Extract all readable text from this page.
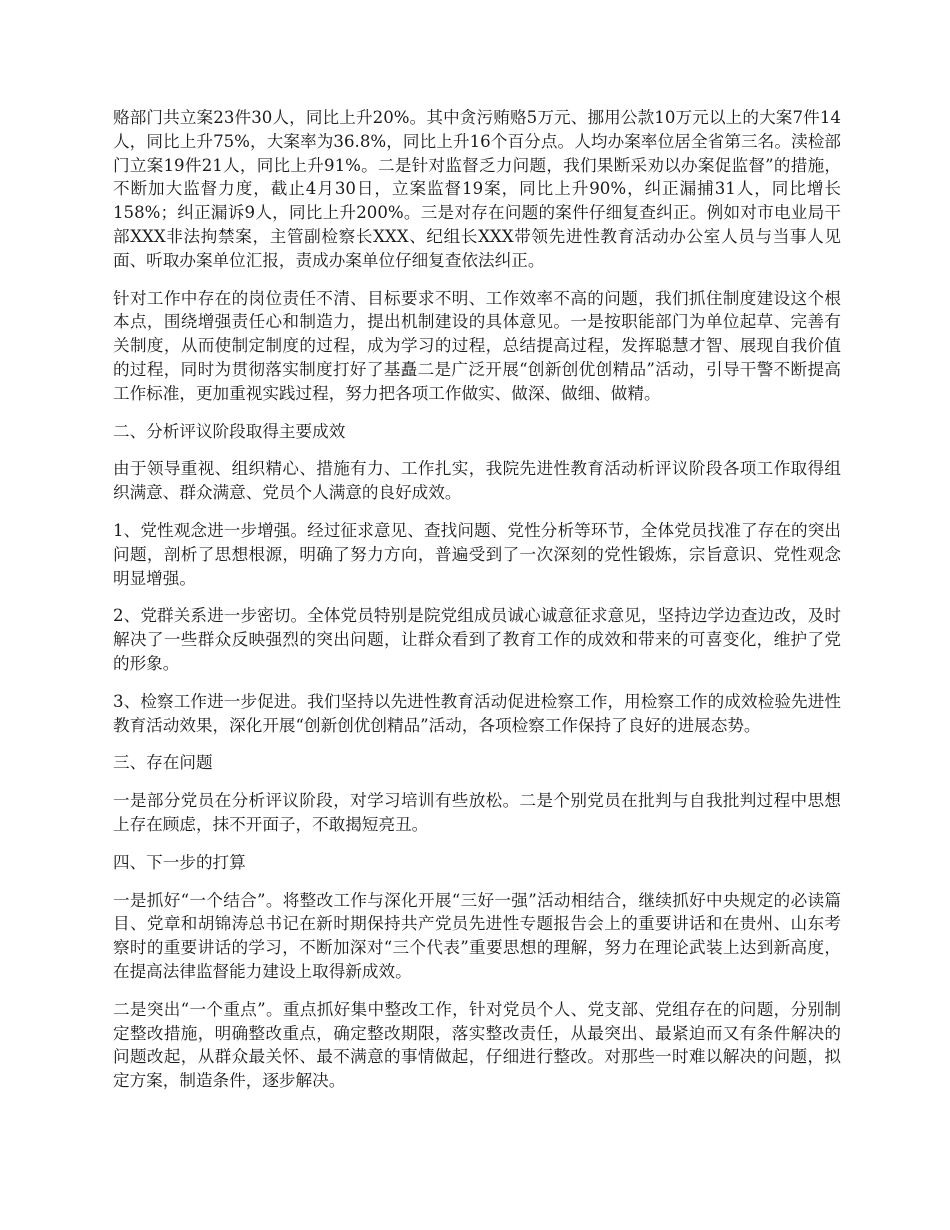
赂部门共立案23件30人，同比上升20%。其中贪污贿赂5万元、挪用公款10万元以上的大案7件14人，同比上升75%，大案率为36.8%，同比上升16个百分点。人均办案率位居全省第三名。渎检部门立案19件21人，同比上升91%。二是针对监督乏力问题，我们果断采劝以办案促监督”的措施，不断加大监督力度，截止4月30日，立案监督19案，同比上升90%，纠正漏捕31人，同比增长158%；纠正漏诉9人，同比上升200%。三是对存在问题的案件仔细复查纠正。例如对市电业局干部XXX非法拘禁案，主管副检察长XXX、纪组长XXX带领先进性教育活动办公室人员与当事人见面、听取办案单位汇报，责成办案单位仔细复查依法纠正。

针对工作中存在的岗位责任不清、目标要求不明、工作效率不高的问题，我们抓住制度建设这个根本点，围绕增强责任心和制造力，提出机制建设的具体意见。一是按职能部门为单位起草、完善有关制度，从而使制定制度的过程，成为学习的过程，总结提高过程，发挥聪慧才智、展现自我价值的过程，同时为贯彻落实制度打好了基矗二是广泛开展“创新创优创精品”活动，引导干警不断提高工作标准，更加重视实践过程，努力把各项工作做实、做深、做细、做精。

二、分析评议阶段取得主要成效

由于领导重视、组织精心、措施有力、工作扎实，我院先进性教育活动析评议阶段各项工作取得组织满意、群众满意、党员个人满意的良好成效。

1、党性观念进一步增强。经过征求意见、查找问题、党性分析等环节，全体党员找准了存在的突出问题，剖析了思想根源，明确了努力方向，普遍受到了一次深刻的党性锻炼，宗旨意识、党性观念明显增强。

2、党群关系进一步密切。全体党员特别是院党组成员诚心诚意征求意见，坚持边学边查边改，及时解决了一些群众反映强烈的突出问题，让群众看到了教育工作的成效和带来的可喜变化，维护了党的形象。

3、检察工作进一步促进。我们坚持以先进性教育活动促进检察工作，用检察工作的成效检验先进性教育活动效果，深化开展“创新创优创精品”活动，各项检察工作保持了良好的进展态势。

三、存在问题

一是部分党员在分析评议阶段，对学习培训有些放松。二是个别党员在批判与自我批判过程中思想上存在顾虑，抹不开面子，不敢揭短亮丑。

四、下一步的打算

一是抓好“一个结合”。将整改工作与深化开展“三好一强”活动相结合，继续抓好中央规定的必读篇目、党章和胡锦涛总书记在新时期保持共产党员先进性专题报告会上的重要讲话和在贵州、山东考察时的重要讲话的学习，不断加深对“三个代表”重要思想的理解，努力在理论武装上达到新高度，在提高法律监督能力建设上取得新成效。

二是突出“一个重点”。重点抓好集中整改工作，针对党员个人、党支部、党组存在的问题，分别制定整改措施，明确整改重点，确定整改期限，落实整改责任，从最突出、最紧迫而又有条件解决的问题改起，从群众最关怀、最不满意的事情做起，仔细进行整改。对那些一时难以解决的问题，拟定方案，制造条件，逐步解决。
